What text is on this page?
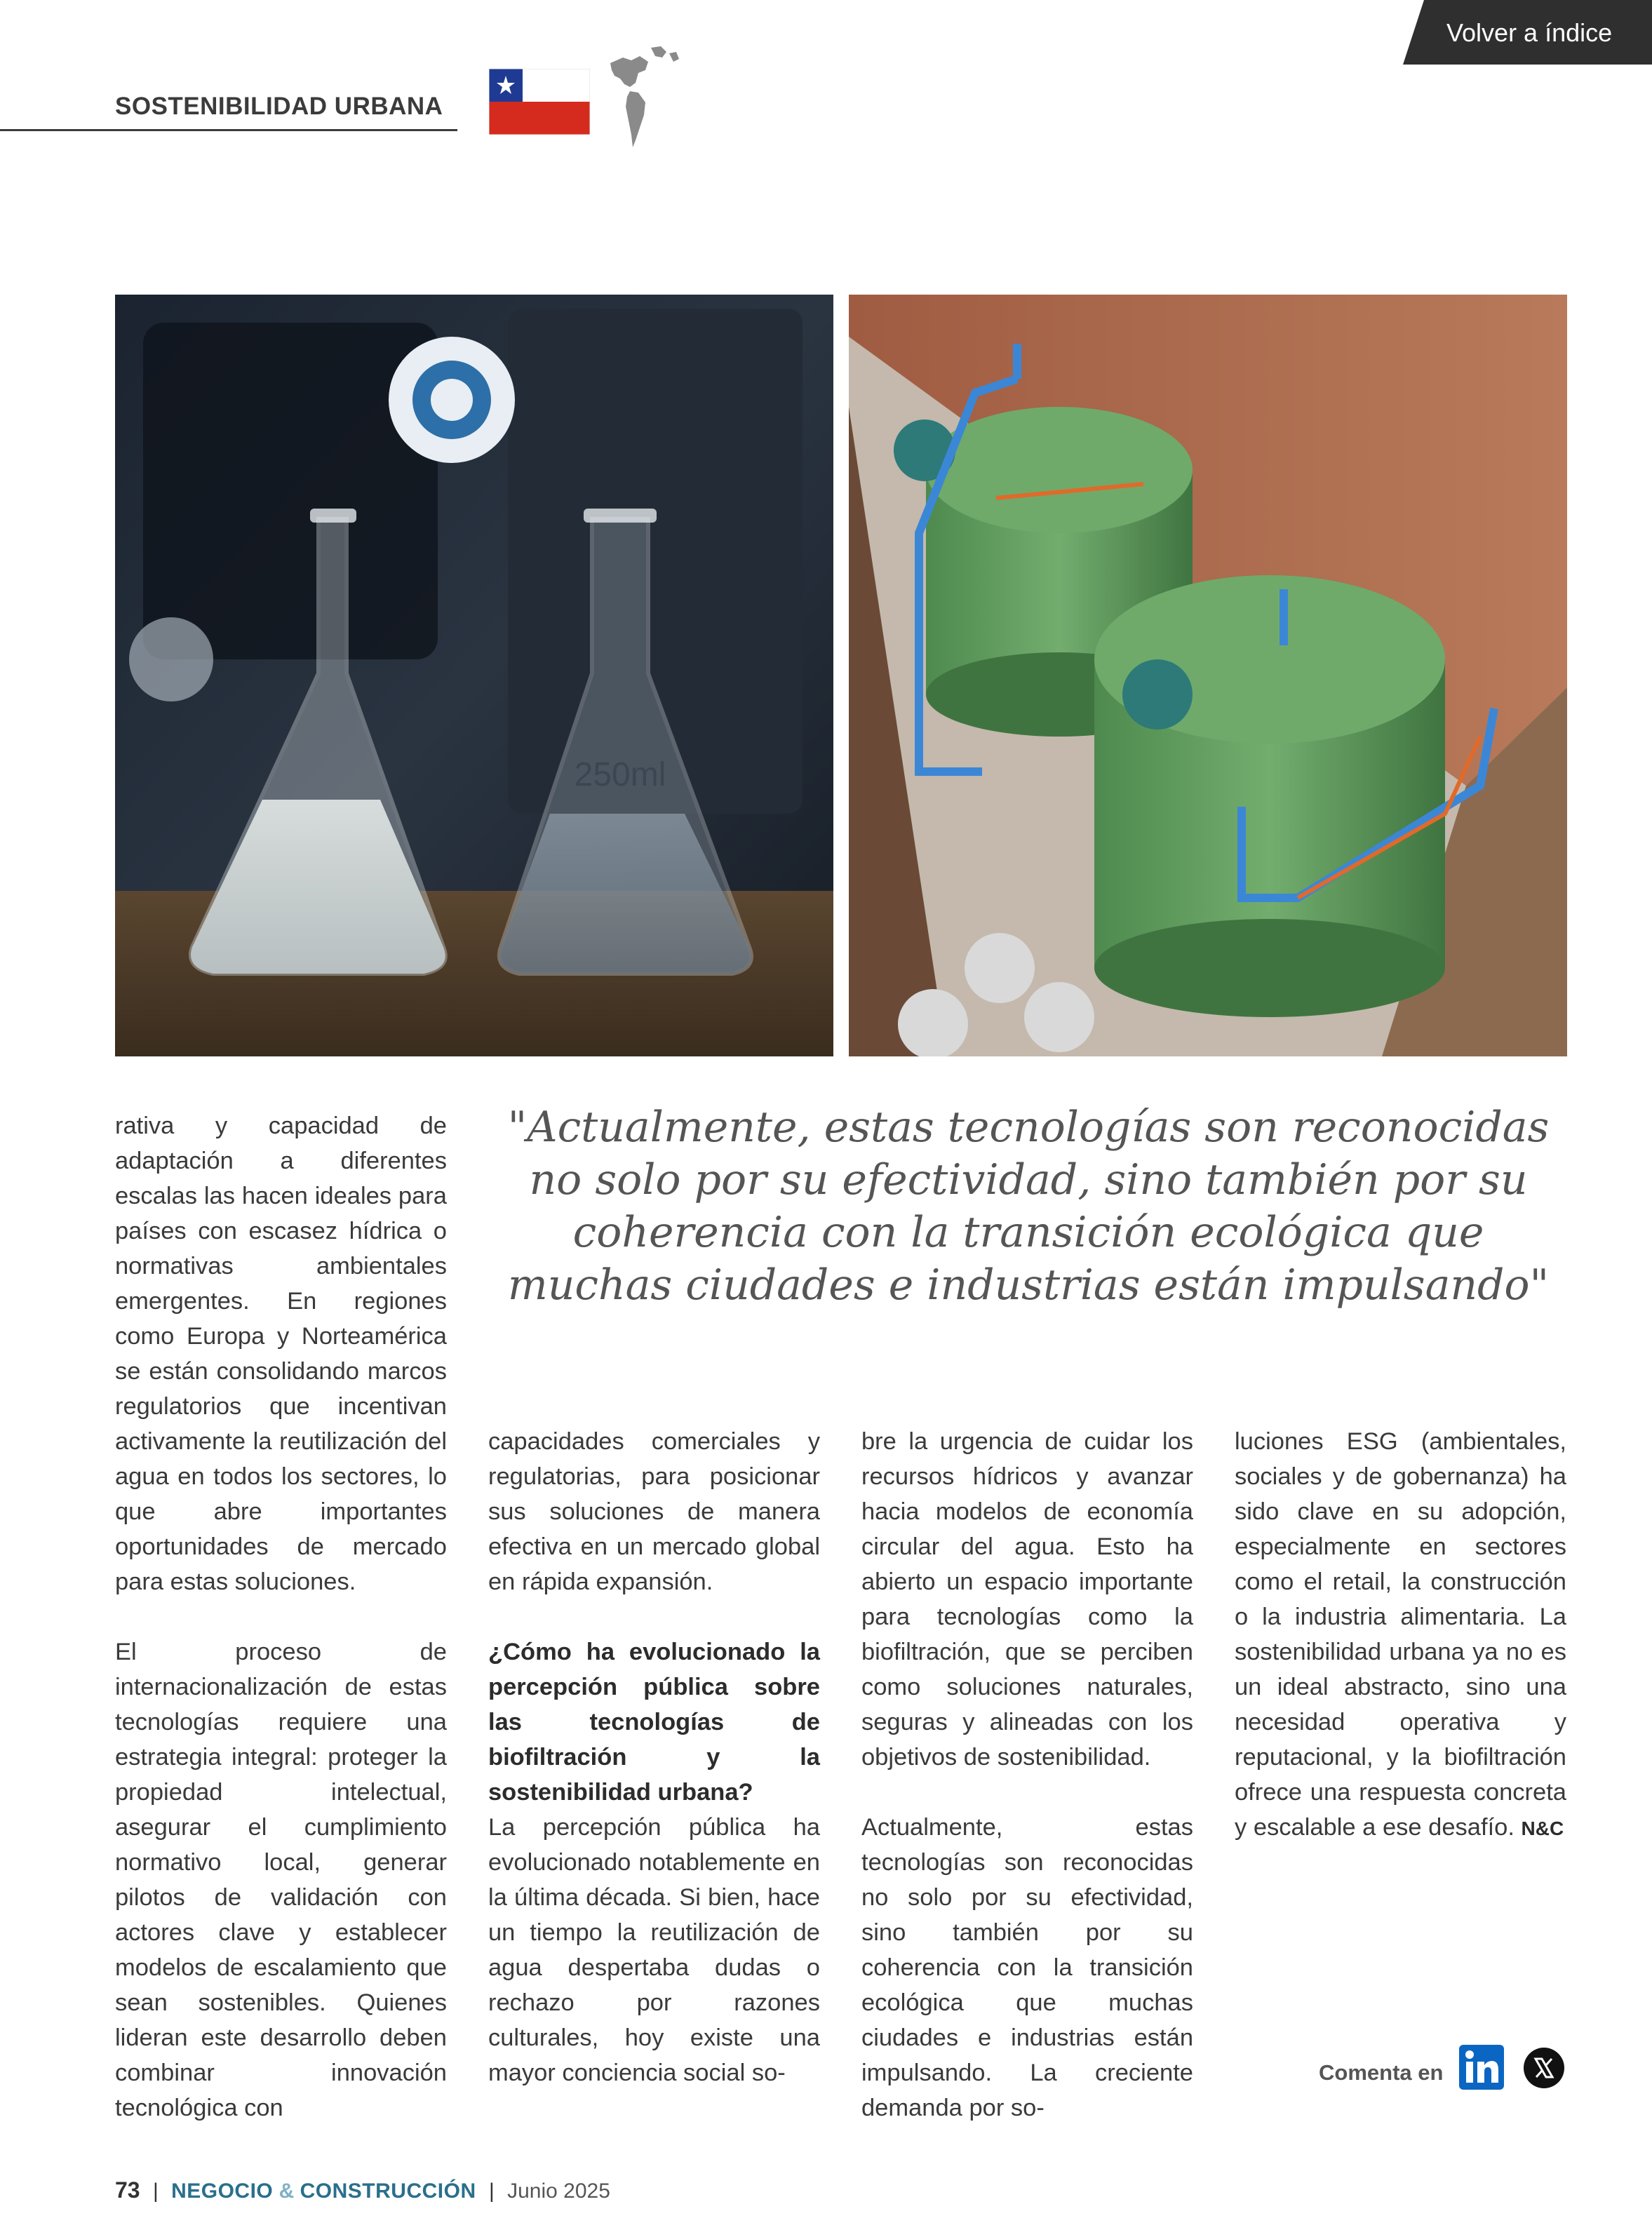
Volver a índice
SOSTENIBILIDAD URBANA
250ml
"Actualmente, estas tecnologías son reconocidas no solo por su efectividad, sino también por su coherencia con la transición ecológica que muchas ciudades e industrias están impulsando"

rativa y capacidad de adaptación a diferentes escalas las hacen ideales para países con escasez hídrica o normativas ambientales emergentes. En regiones como Europa y Norteamérica se están consolidando marcos regulatorios que incentivan activamente la reutilización del agua en todos los sectores, lo que abre importantes oportunidades de mercado para estas soluciones.

El proceso de internacionalización de estas tecnologías requiere una estrategia integral: proteger la propiedad intelectual, asegurar el cumplimiento normativo local, generar pilotos de validación con actores clave y establecer modelos de escalamiento que sean sostenibles. Quienes lideran este desarrollo deben combinar innovación tecnológica con

capacidades comerciales y regulatorias, para posicionar sus soluciones de manera efectiva en un mercado global en rápida expansión.

¿Cómo ha evolucionado la percepción pública sobre las tecnologías de biofiltración y la sostenibilidad urbana?

La percepción pública ha evolucionado notablemente en la última década. Si bien, hace un tiempo la reutilización de agua despertaba dudas o rechazo por razones culturales, hoy existe una mayor conciencia social so-

bre la urgencia de cuidar los recursos hídricos y avanzar hacia modelos de economía circular del agua. Esto ha abierto un espacio importante para tecnologías como la biofiltración, que se perciben como soluciones naturales, seguras y alineadas con los objetivos de sostenibilidad.

Actualmente, estas tecnologías son reconocidas no solo por su efectividad, sino también por su coherencia con la transición ecológica que muchas ciudades e industrias están impulsando. La creciente demanda por so-

luciones ESG (ambientales, sociales y de gobernanza) ha sido clave en su adopción, especialmente en sectores como el retail, la construcción o la industria alimentaria. La sostenibilidad urbana ya no es un ideal abstracto, sino una necesidad operativa y reputacional, y la biofiltración ofrece una respuesta concreta y escalable a ese desafío. N&C

Comenta en
73 | NEGOCIO & CONSTRUCCIÓN | Junio 2025
